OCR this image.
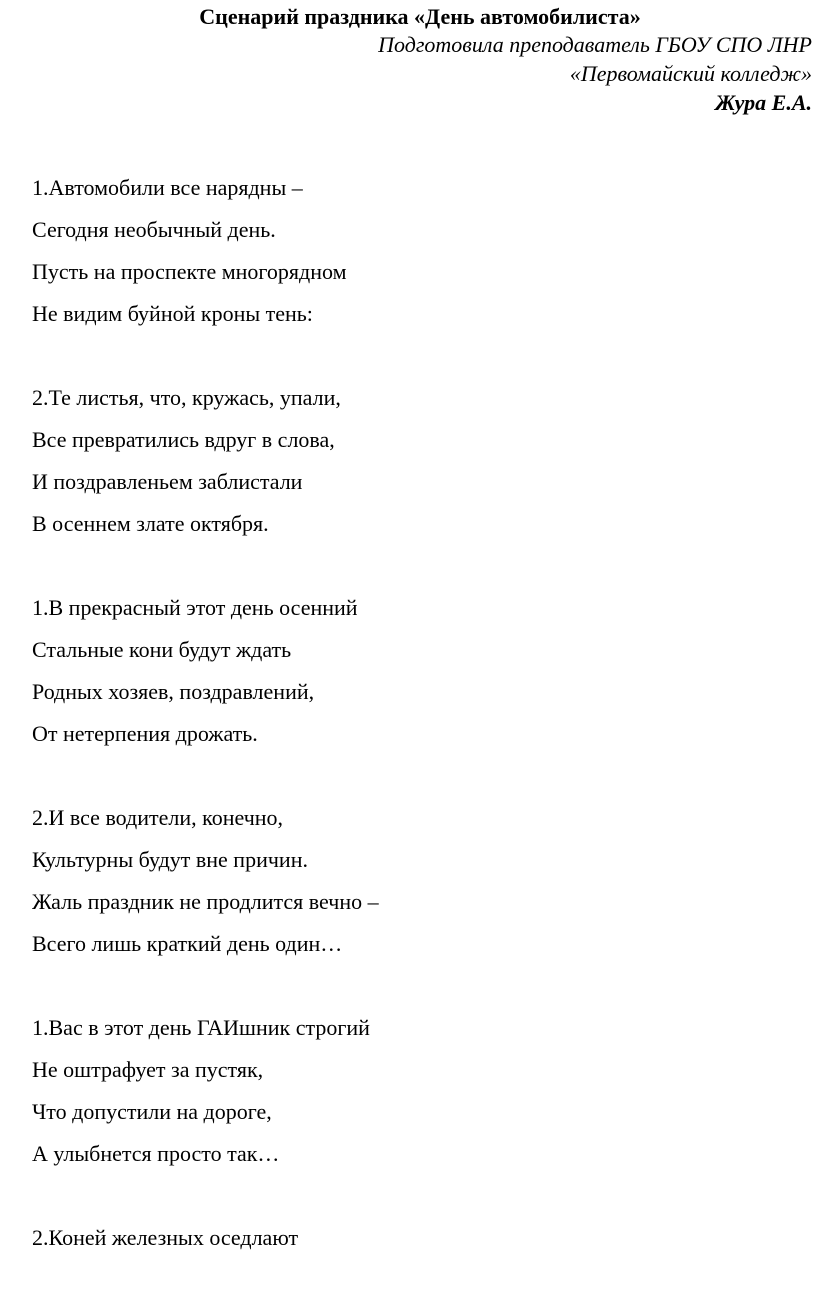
Сценарий праздника «День автомобилиста»
Подготовила преподаватель ГБОУ СПО ЛНР
«Первомайский колледж»
Жура Е.А.
1.Автомобили все нарядны –
Сегодня необычный день.
Пусть на проспекте многорядном
Не видим буйной кроны тень:
2.Те листья, что, кружась, упали,
Все превратились вдруг в слова,
И поздравленьем заблистали
В осеннем злате октября.
1.В прекрасный этот день осенний
Стальные кони будут ждать
Родных хозяев, поздравлений,
От нетерпения дрожать.
2.И все водители, конечно,
Культурны будут вне причин.
Жаль праздник не продлится вечно –
Всего лишь краткий день один…
1.Вас в этот день ГАИшник строгий
Не оштрафует за пустяк,
Что допустили на дороге,
А улыбнется просто так…
2.Коней железных оседлают
